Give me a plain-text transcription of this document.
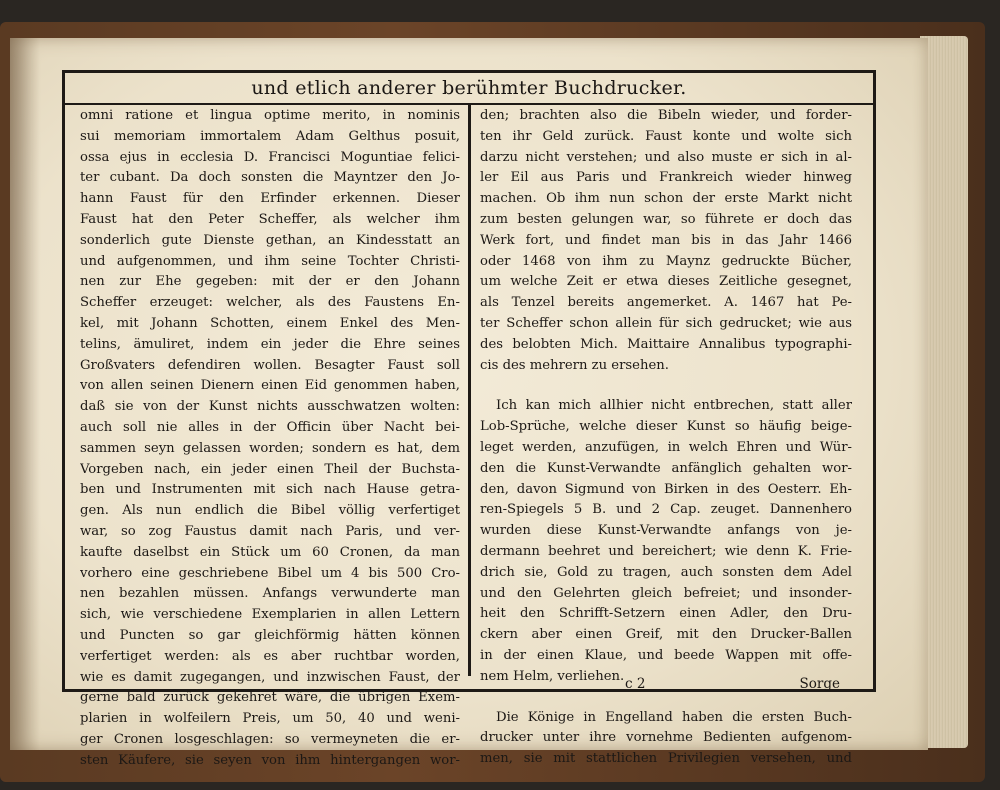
und etlich anderer berühmter Buchdrucker.
omni ratione et lingua optime merito, in nominis
sui memoriam immortalem Adam Gelthus posuit,
ossa ejus in ecclesia D. Francisci Moguntiae felici-
ter cubant. Da doch sonsten die Mayntzer den Jo-
hann Faust für den Erfinder erkennen. Dieser
Faust hat den Peter Scheffer, als welcher ihm
sonderlich gute Dienste gethan, an Kindesstatt an
und aufgenommen, und ihm seine Tochter Christi-
nen zur Ehe gegeben: mit der er den Johann
Scheffer erzeuget: welcher, als des Faustens En-
kel, mit Johann Schotten, einem Enkel des Men-
telins, ämuliret, indem ein jeder die Ehre seines
Großvaters defendiren wollen. Besagter Faust soll
von allen seinen Dienern einen Eid genommen haben,
daß sie von der Kunst nichts ausschwatzen wolten:
auch soll nie alles in der Officin über Nacht bei-
sammen seyn gelassen worden; sondern es hat, dem
Vorgeben nach, ein jeder einen Theil der Buchsta-
ben und Instrumenten mit sich nach Hause getra-
gen. Als nun endlich die Bibel völlig verfertiget
war, so zog Faustus damit nach Paris, und ver-
kaufte daselbst ein Stück um 60 Cronen, da man
vorhero eine geschriebene Bibel um 4 bis 500 Cro-
nen bezahlen müssen. Anfangs verwunderte man
sich, wie verschiedene Exemplarien in allen Lettern
und Puncten so gar gleichförmig hätten können
verfertiget werden: als es aber ruchtbar worden,
wie es damit zugegangen, und inzwischen Faust, der
gerne bald zurück gekehret wäre, die übrigen Exem-
plarien in wolfeilern Preis, um 50, 40 und weni-
ger Cronen losgeschlagen: so vermeyneten die er-
sten Käufere, sie seyen von ihm hintergangen wor-
den; brachten also die Bibeln wieder, und forder-
ten ihr Geld zurück. Faust konte und wolte sich
darzu nicht verstehen; und also muste er sich in al-
ler Eil aus Paris und Frankreich wieder hinweg
machen. Ob ihm nun schon der erste Markt nicht
zum besten gelungen war, so führete er doch das
Werk fort, und findet man bis in das Jahr 1466
oder 1468 von ihm zu Maynz gedruckte Bücher,
um welche Zeit er etwa dieses Zeitliche gesegnet,
als Tenzel bereits angemerket. A. 1467 hat Pe-
ter Scheffer schon allein für sich gedrucket; wie aus
des belobten Mich. Maittaire Annalibus typographi-
cis des mehrern zu ersehen.
Ich kan mich allhier nicht entbrechen, statt aller
Lob-Sprüche, welche dieser Kunst so häufig beige-
leget werden, anzufügen, in welch Ehren und Wür-
den die Kunst-Verwandte anfänglich gehalten wor-
den, davon Sigmund von Birken in des Oesterr. Eh-
ren-Spiegels 5 B. und 2 Cap. zeuget. Dannenhero
wurden diese Kunst-Verwandte anfangs von je-
dermann beehret und bereichert; wie denn K. Frie-
drich sie, Gold zu tragen, auch sonsten dem Adel
und den Gelehrten gleich befreiet; und insonder-
heit den Schrifft-Setzern einen Adler, den Dru-
ckern aber einen Greif, mit den Drucker-Ballen
in der einen Klaue, und beede Wappen mit offe-
nem Helm, verliehen.
Die Könige in Engelland haben die ersten Buch-
drucker unter ihre vornehme Bedienten aufgenom-
men, sie mit stattlichen Privilegien versehen, und
c 2	Sorge
